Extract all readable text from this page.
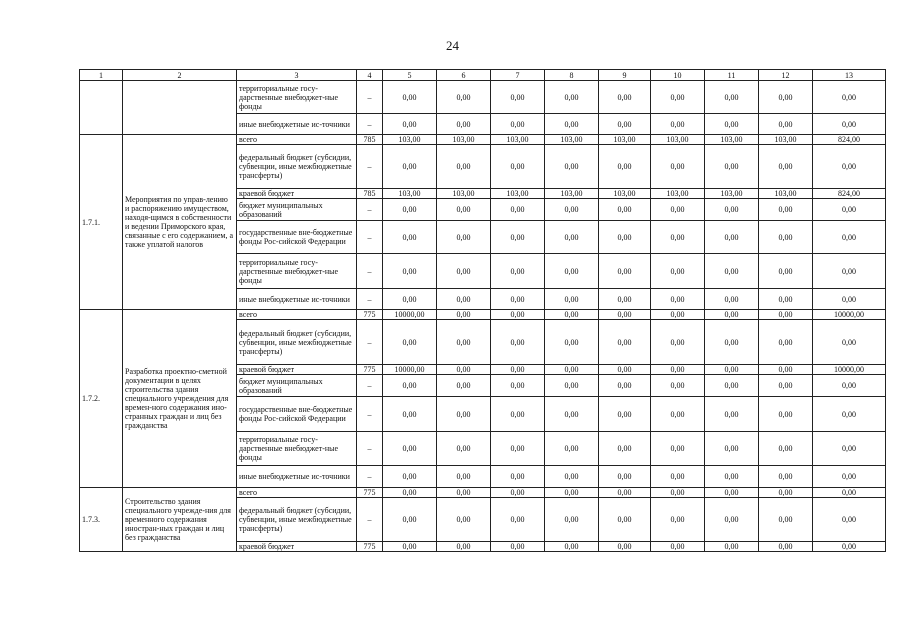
24
1	2	3	4	5	6	7	8	9	10	11	12	13
		территориальные госу-дарственные внебюджет-ные фонды	–	0,00	0,00	0,00	0,00	0,00	0,00	0,00	0,00	0,00
		иные внебюджетные ис-точники	–	0,00	0,00	0,00	0,00	0,00	0,00	0,00	0,00	0,00
1.7.1.	Мероприятия по управ-лению и распоряжению имуществом, находя-щимся в собственности и ведении Приморского края, связанные с его содержанием, а также уплатой налогов	всего	785	103,00	103,00	103,00	103,00	103,00	103,00	103,00	103,00	824,00
		федеральный бюджет (субсидии, субвенции, иные межбюджетные трансферты)	–	0,00	0,00	0,00	0,00	0,00	0,00	0,00	0,00	0,00
		краевой бюджет	785	103,00	103,00	103,00	103,00	103,00	103,00	103,00	103,00	824,00
		бюджет муниципальных образований	–	0,00	0,00	0,00	0,00	0,00	0,00	0,00	0,00	0,00
		государственные вне-бюджетные фонды Рос-сийской Федерации	–	0,00	0,00	0,00	0,00	0,00	0,00	0,00	0,00	0,00
		территориальные госу-дарственные внебюджет-ные фонды	–	0,00	0,00	0,00	0,00	0,00	0,00	0,00	0,00	0,00
		иные внебюджетные ис-точники	–	0,00	0,00	0,00	0,00	0,00	0,00	0,00	0,00	0,00
1.7.2.	Разработка проектно-сметной документации в целях строительства здания специального учреждения для времен-ного содержания ино-странных граждан и лиц без гражданства	всего	775	10000,00	0,00	0,00	0,00	0,00	0,00	0,00	0,00	10000,00
		федеральный бюджет (субсидии, субвенции, иные межбюджетные трансферты)	–	0,00	0,00	0,00	0,00	0,00	0,00	0,00	0,00	0,00
		краевой бюджет	775	10000,00	0,00	0,00	0,00	0,00	0,00	0,00	0,00	10000,00
		бюджет муниципальных образований	–	0,00	0,00	0,00	0,00	0,00	0,00	0,00	0,00	0,00
		государственные вне-бюджетные фонды Рос-сийской Федерации	–	0,00	0,00	0,00	0,00	0,00	0,00	0,00	0,00	0,00
		территориальные госу-дарственные внебюджет-ные фонды	–	0,00	0,00	0,00	0,00	0,00	0,00	0,00	0,00	0,00
		иные внебюджетные ис-точники	–	0,00	0,00	0,00	0,00	0,00	0,00	0,00	0,00	0,00
1.7.3.	Строительство здания специального учрежде-ния для временного содержания иностран-ных граждан и лиц без гражданства	всего	775	0,00	0,00	0,00	0,00	0,00	0,00	0,00	0,00	0,00
		федеральный бюджет (субсидии, субвенции, иные межбюджетные трансферты)	–	0,00	0,00	0,00	0,00	0,00	0,00	0,00	0,00	0,00
		краевой бюджет	775	0,00	0,00	0,00	0,00	0,00	0,00	0,00	0,00	0,00
